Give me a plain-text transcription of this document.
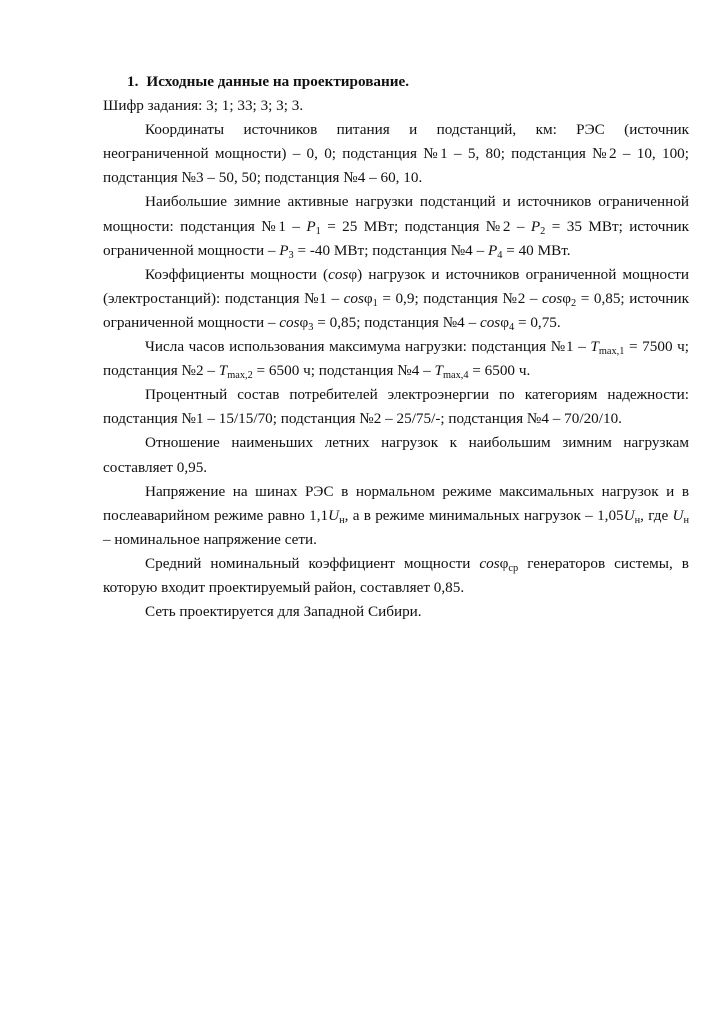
1. Исходные данные на проектирование.
Шифр задания: 3; 1; 33; 3; 3; 3.

Координаты источников питания и подстанций, км: РЭС (источник неограниченной мощности) – 0, 0; подстанция №1 – 5, 80; подстанция №2 – 10, 100; подстанция №3 – 50, 50; подстанция №4 – 60, 10.

Наибольшие зимние активные нагрузки подстанций и источников ограниченной мощности: подстанция №1 – $P_1 = 25$ МВт; подстанция №2 – $P_2 = 35$ МВт; источник ограниченной мощности – $P_3 = -40$ МВт; подстанция №4 – $P_4 = 40$ МВт.

Коэффициенты мощности (cosφ) нагрузок и источников ограниченной мощности (электростанций): подстанция №1 – cosφ$_1$ = 0,9; подстанция №2 – cosφ$_2$ = 0,85; источник ограниченной мощности – cosφ$_3$ = 0,85; подстанция №4 – cosφ$_4$ = 0,75.

Числа часов использования максимума нагрузки: подстанция №1 – $T_{max,1} = 7500$ ч; подстанция №2 – $T_{max,2} = 6500$ ч; подстанция №4 – $T_{max,4} = 6500$ ч.

Процентный состав потребителей электроэнергии по категориям надежности: подстанция №1 – 15/15/70; подстанция №2 – 25/75/-; подстанция №4 – 70/20/10.

Отношение наименьших летних нагрузок к наибольшим зимним нагрузкам составляет 0,95.

Напряжение на шинах РЭС в нормальном режиме максимальных нагрузок и в послеаварийном режиме равно $1,1U_н$, а в режиме минимальных нагрузок – $1,05U_н$, где $U_н$ – номинальное напряжение сети.

Средний номинальный коэффициент мощности cosφ$_{ср}$ генераторов системы, в которую входит проектируемый район, составляет 0,85.

Сеть проектируется для Западной Сибири.
